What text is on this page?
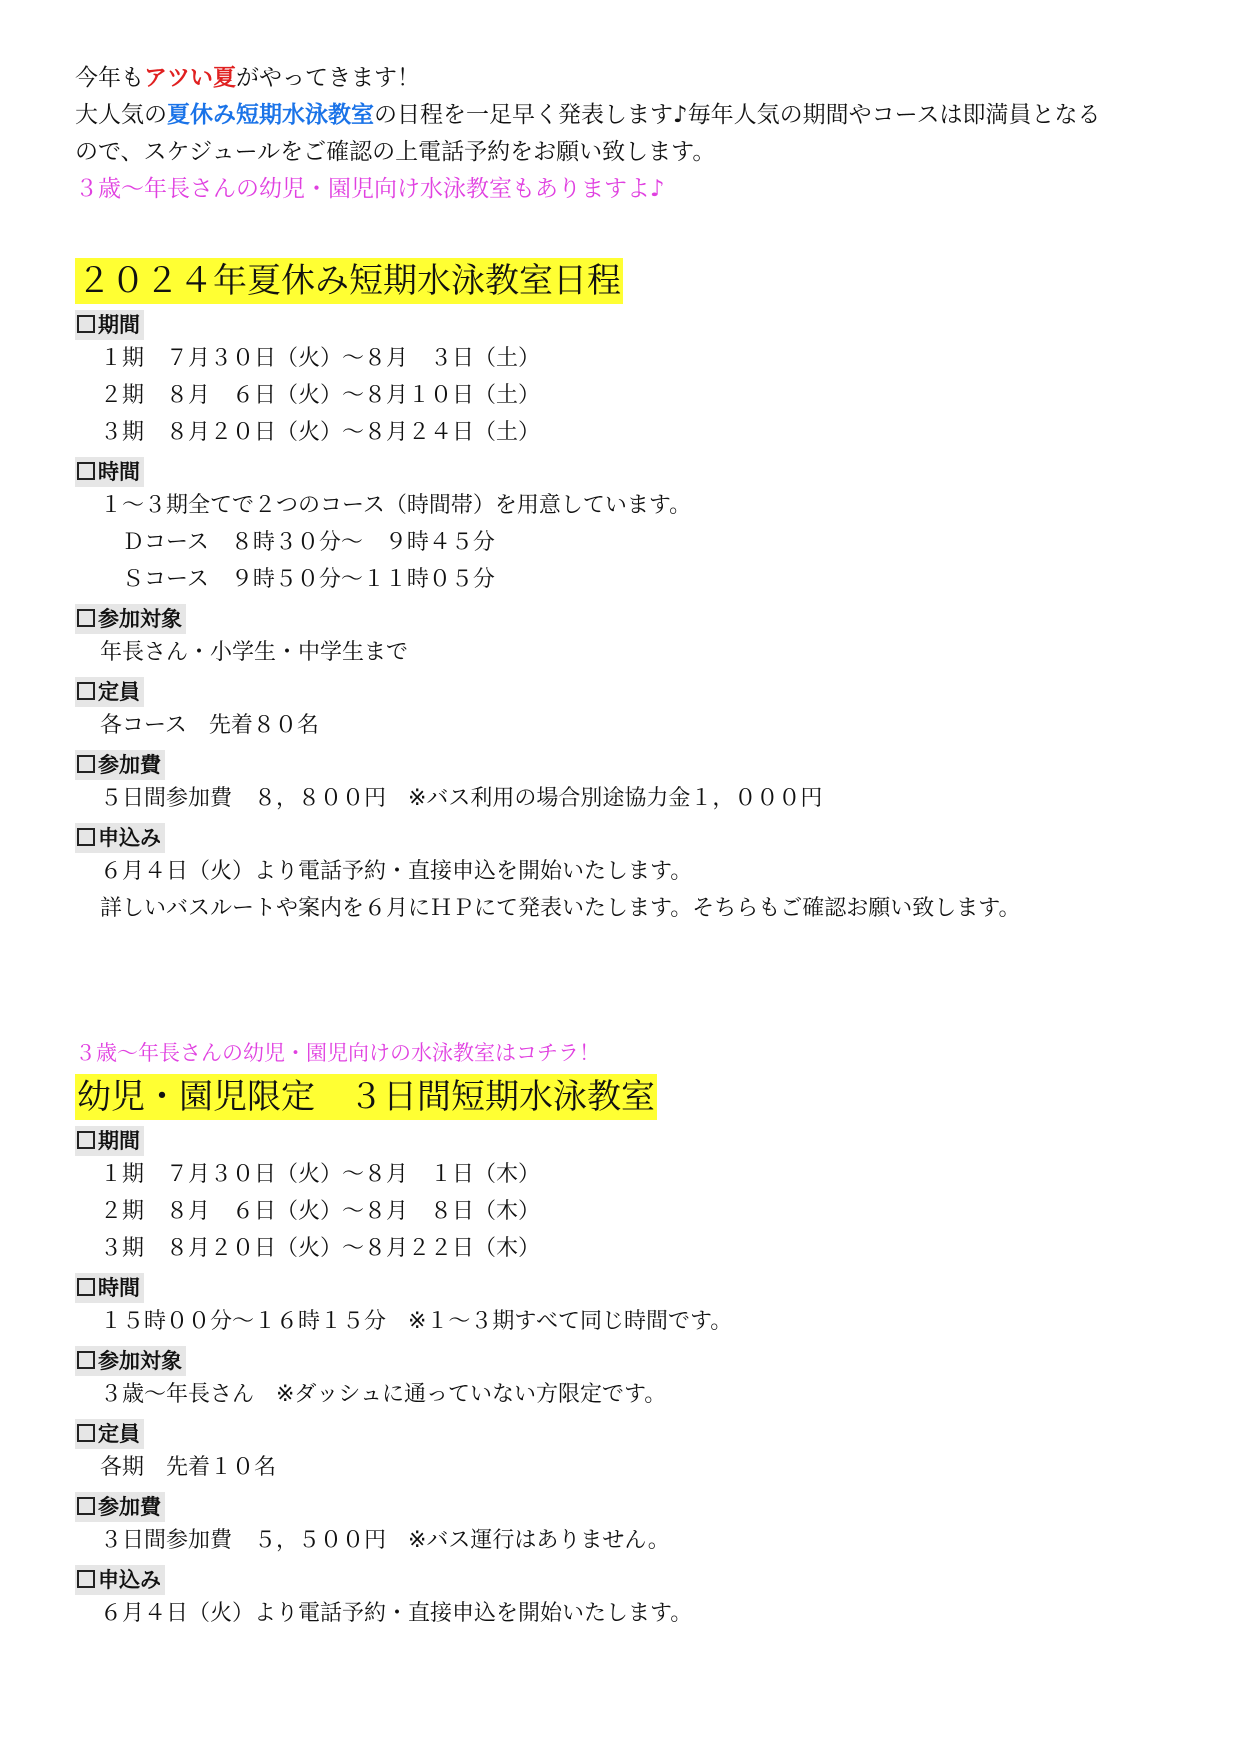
今年もアツい夏がやってきます！
大人気の夏休み短期水泳教室の日程を一足早く発表します♪毎年人気の期間やコースは即満員となる
ので、スケジュールをご確認の上電話予約をお願い致します。
３歳～年長さんの幼児・園児向け水泳教室もありますよ♪
２０２４年夏休み短期水泳教室日程
期間
１期　７月３０日（火）～８月　３日（土）
２期　８月　６日（火）～８月１０日（土）
３期　８月２０日（火）～８月２４日（土）
時間
１～３期全てで２つのコース（時間帯）を用意しています。
Ｄコース　８時３０分～　９時４５分
Ｓコース　９時５０分～１１時０５分
参加対象
年長さん・小学生・中学生まで
定員
各コース　先着８０名
参加費
５日間参加費　８，８００円　※バス利用の場合別途協力金１，０００円
申込み
６月４日（火）より電話予約・直接申込を開始いたします。
詳しいバスルートや案内を６月にＨＰにて発表いたします。そちらもご確認お願い致します。
３歳～年長さんの幼児・園児向けの水泳教室はコチラ！
幼児・園児限定　３日間短期水泳教室
期間
１期　７月３０日（火）～８月　１日（木）
２期　８月　６日（火）～８月　８日（木）
３期　８月２０日（火）～８月２２日（木）
時間
１５時００分～１６時１５分　※１～３期すべて同じ時間です。
参加対象
３歳～年長さん　※ダッシュに通っていない方限定です。
定員
各期　先着１０名
参加費
３日間参加費　５，５００円　※バス運行はありません。
申込み
６月４日（火）より電話予約・直接申込を開始いたします。
